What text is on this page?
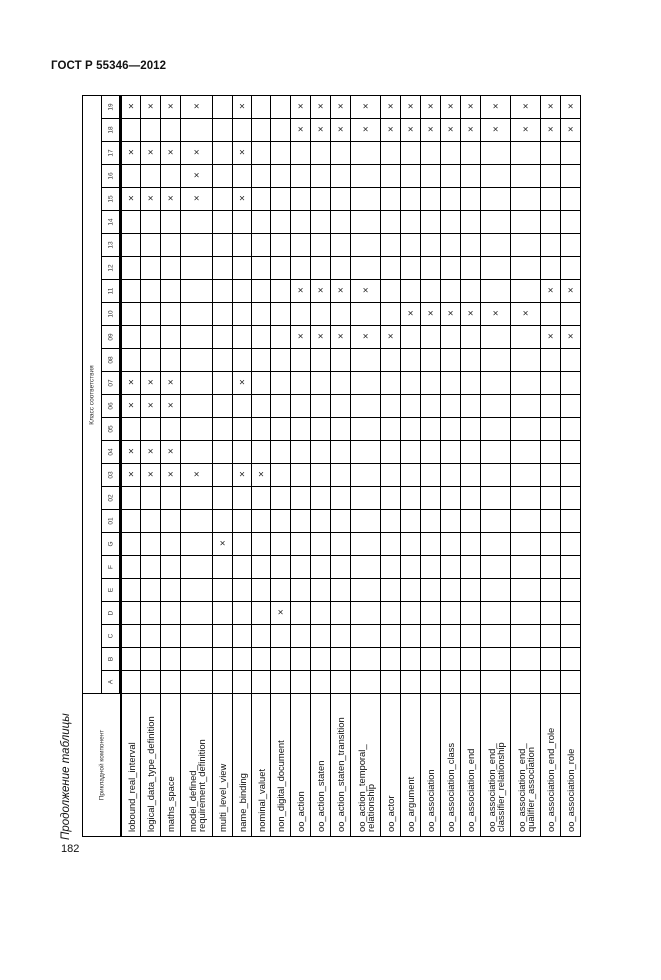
ГОСТ Р 55346—2012
Продолжение таблицы
182
Класс соответствия
Прикладной компонент
19
18
17
16
15
14
13
12
11
10
09
08
07
06
05
04
03
02
01
G
F
E
D
C
B
A
×
×
×
×
×
×
×
lobound_real_interval
×
×
×
×
×
×
×
logical_data_type_definition
×
×
×
×
×
×
×
maths_space
×
×
×
×
×
model_defined_
requirement_definition
×
multi_level_view
×
×
×
×
×
name_binding
×
nominal_valuet
×
non_digital_document
×
×
×
×
oo_action
×
×
×
×
oo_action_staten
×
×
×
×
oo_action_staten_transition
×
×
×
×
oo_action_temporal_
relationship
×
×
×
oo_actor
×
×
×
oo_argument
×
×
×
oo_association
×
×
×
oo_association_class
×
×
×
oo_association_end
×
×
×
oo_association_end_
classifier_relationship
×
×
×
oo_association_end_
qualifier_association
×
×
×
×
oo_association_end_role
×
×
×
×
oo_association_role
